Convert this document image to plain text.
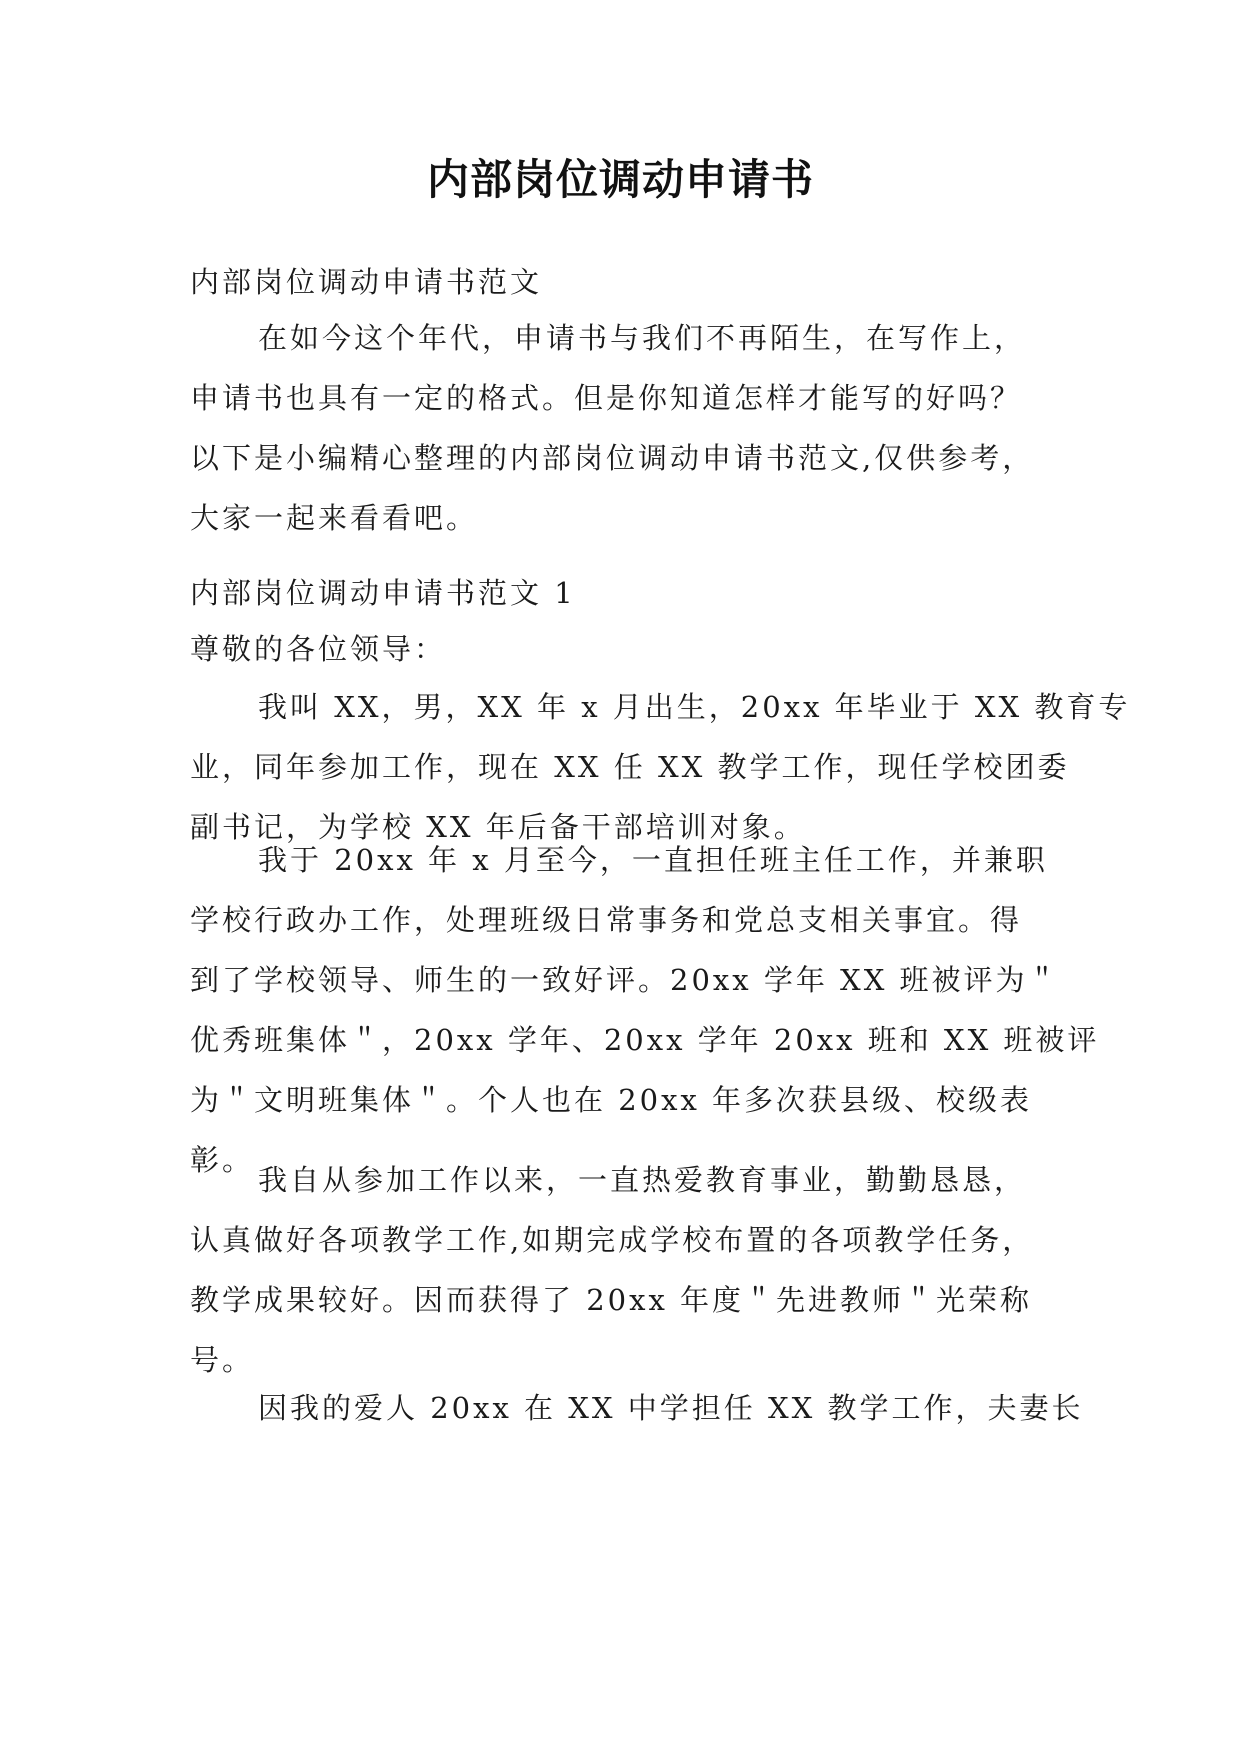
内部岗位调动申请书
内部岗位调动申请书范文
在如今这个年代，申请书与我们不再陌生，在写作上，
申请书也具有一定的格式。但是你知道怎样才能写的好吗？
以下是小编精心整理的内部岗位调动申请书范文,仅供参考，
大家一起来看看吧。
内部岗位调动申请书范文 1
尊敬的各位领导：
我叫 XX，男，XX 年 x 月出生，20xx 年毕业于 XX 教育专
业，同年参加工作，现在 XX 任 XX 教学工作，现任学校团委
副书记，为学校 XX 年后备干部培训对象。
我于 20xx 年 x 月至今，一直担任班主任工作，并兼职
学校行政办工作，处理班级日常事务和党总支相关事宜。得
到了学校领导、师生的一致好评。20xx 学年 XX 班被评为＂
优秀班集体＂，20xx 学年、20xx 学年 20xx 班和 XX 班被评
为＂文明班集体＂。个人也在 20xx 年多次获县级、校级表
彰。
我自从参加工作以来，一直热爱教育事业，勤勤恳恳，
认真做好各项教学工作,如期完成学校布置的各项教学任务，
教学成果较好。因而获得了 20xx 年度＂先进教师＂光荣称
号。
因我的爱人 20xx 在 XX 中学担任 XX 教学工作，夫妻长
